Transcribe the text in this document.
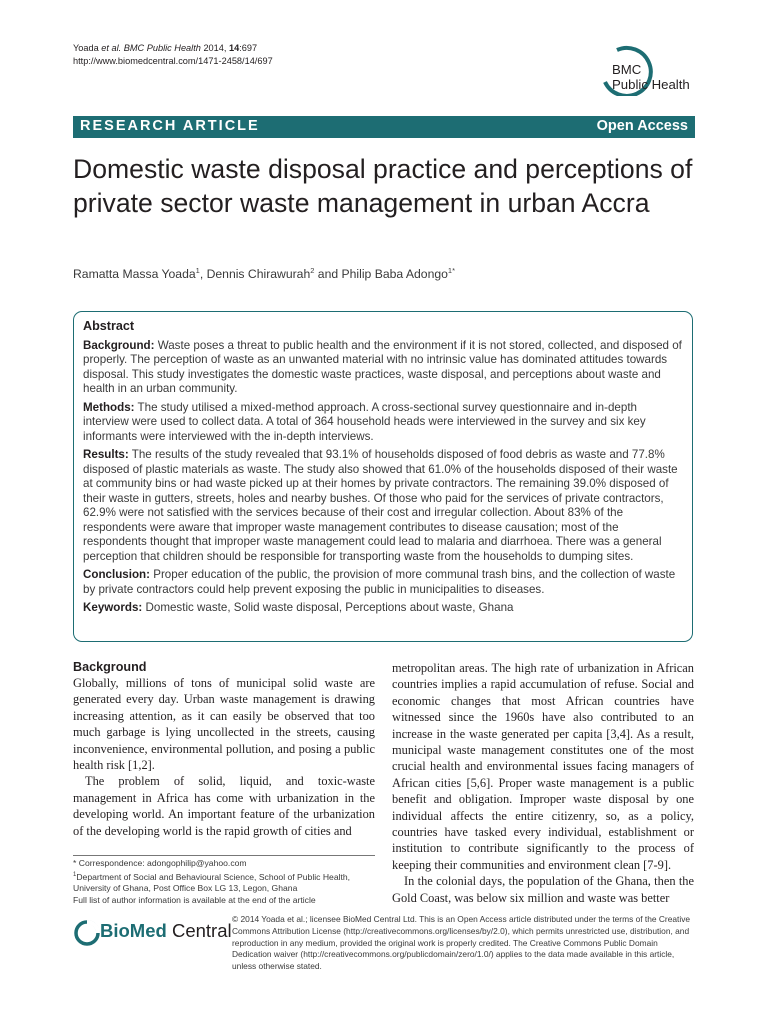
Yoada et al. BMC Public Health 2014, 14:697
http://www.biomedcentral.com/1471-2458/14/697
BMC
Public Health
RESEARCH ARTICLE	Open Access
Domestic waste disposal practice and perceptions of private sector waste management in urban Accra
Ramatta Massa Yoada$^1$, Dennis Chirawurah$^2$ and Philip Baba Adongo$^{1*}$
Abstract

Background: Waste poses a threat to public health and the environment if it is not stored, collected, and disposed of properly. The perception of waste as an unwanted material with no intrinsic value has dominated attitudes towards disposal. This study investigates the domestic waste practices, waste disposal, and perceptions about waste and health in an urban community.

Methods: The study utilised a mixed-method approach. A cross-sectional survey questionnaire and in-depth interview were used to collect data. A total of 364 household heads were interviewed in the survey and six key informants were interviewed with the in-depth interviews.

Results: The results of the study revealed that 93.1% of households disposed of food debris as waste and 77.8% disposed of plastic materials as waste. The study also showed that 61.0% of the households disposed of their waste at community bins or had waste picked up at their homes by private contractors. The remaining 39.0% disposed of their waste in gutters, streets, holes and nearby bushes. Of those who paid for the services of private contractors, 62.9% were not satisfied with the services because of their cost and irregular collection. About 83% of the respondents were aware that improper waste management contributes to disease causation; most of the respondents thought that improper waste management could lead to malaria and diarrhoea. There was a general perception that children should be responsible for transporting waste from the households to dumping sites.

Conclusion: Proper education of the public, the provision of more communal trash bins, and the collection of waste by private contractors could help prevent exposing the public in municipalities to diseases.

Keywords: Domestic waste, Solid waste disposal, Perceptions about waste, Ghana

Background

Globally, millions of tons of municipal solid waste are generated every day. Urban waste management is drawing increasing attention, as it can easily be observed that too much garbage is lying uncollected in the streets, causing inconvenience, environmental pollution, and posing a public health risk [1,2].

The problem of solid, liquid, and toxic-waste management in Africa has come with urbanization in the developing world. An important feature of the urbanization of the developing world is the rapid growth of cities and

metropolitan areas. The high rate of urbanization in African countries implies a rapid accumulation of refuse. Social and economic changes that most African countries have witnessed since the 1960s have also contributed to an increase in the waste generated per capita [3,4]. As a result, municipal waste management constitutes one of the most crucial health and environmental issues facing managers of African cities [5,6]. Proper waste management is a public benefit and obligation. Improper waste disposal by one individual affects the entire citizenry, so, as a policy, countries have tasked every individual, establishment or institution to contribute significantly to the process of keeping their communities and environment clean [7-9].

In the colonial days, the population of the Ghana, then the Gold Coast, was below six million and waste was better

* Correspondence: adongophilip@yahoo.com
$^1$Department of Social and Behavioural Science, School of Public Health, University of Ghana, Post Office Box LG 13, Legon, Ghana
Full list of author information is available at the end of the article
BioMed Central
© 2014 Yoada et al.; licensee BioMed Central Ltd. This is an Open Access article distributed under the terms of the Creative Commons Attribution License (http://creativecommons.org/licenses/by/2.0), which permits unrestricted use, distribution, and reproduction in any medium, provided the original work is properly credited. The Creative Commons Public Domain Dedication waiver (http://creativecommons.org/publicdomain/zero/1.0/) applies to the data made available in this article, unless otherwise stated.
